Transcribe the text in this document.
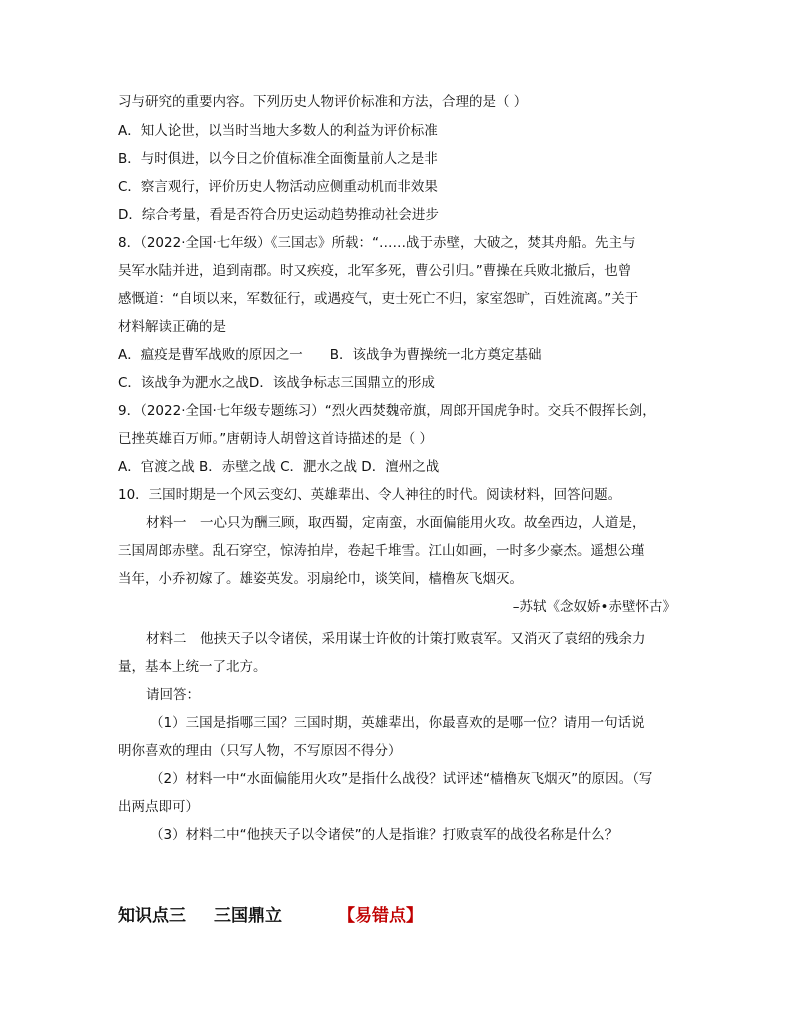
习与研究的重要内容。下列历史人物评价标准和方法，合理的是（ ）
A．知人论世，以当时当地大多数人的利益为评价标准
B．与时俱进，以今日之价值标准全面衡量前人之是非
C．察言观行，评价历史人物活动应侧重动机而非效果
D．综合考量，看是否符合历史运动趋势推动社会进步
8．（2022·全国·七年级）《三国志》所载：“……战于赤壁，大破之，焚其舟船。先主与
吴军水陆并进，追到南郡。时又疾疫，北军多死，曹公引归。”曹操在兵败北撤后，也曾
感慨道：“自顷以来，军数征行，或遇疫气，吏士死亡不归，家室怨旷，百姓流离。”关于
材料解读正确的是
A．瘟疫是曹军战败的原因之一　　B．该战争为曹操统一北方奠定基础
C．该战争为淝水之战D．该战争标志三国鼎立的形成
9．（2022·全国·七年级专题练习）“烈火西焚魏帝旗，周郎开国虎争时。交兵不假挥长剑，
已挫英雄百万师。”唐朝诗人胡曾这首诗描述的是（ ）
A．官渡之战 B．赤壁之战 C．淝水之战 D．澶州之战
10．三国时期是一个风云变幻、英雄辈出、令人神往的时代。阅读材料，回答问题。
材料一　一心只为酬三顾，取西蜀，定南蛮，水面偏能用火攻。故垒西边，人道是，
三国周郎赤壁。乱石穿空，惊涛拍岸，卷起千堆雪。江山如画，一时多少豪杰。遥想公瑾
当年，小乔初嫁了。雄姿英发。羽扇纶巾，谈笑间，樯橹灰飞烟灭。
–苏轼《念奴娇•赤壁怀古》
材料二　他挟天子以令诸侯，采用谋士许攸的计策打败袁军。又消灭了袁绍的残余力
量，基本上统一了北方。
请回答：
（1）三国是指哪三国？三国时期，英雄辈出，你最喜欢的是哪一位？请用一句话说
明你喜欢的理由（只写人物，不写原因不得分）
（2）材料一中“水面偏能用火攻”是指什么战役？试评述“樯橹灰飞烟灭”的原因。（写
出两点即可）
（3）材料二中“他挟天子以令诸侯”的人是指谁？打败袁军的战役名称是什么？
知识点三 三国鼎立	【易错点】
